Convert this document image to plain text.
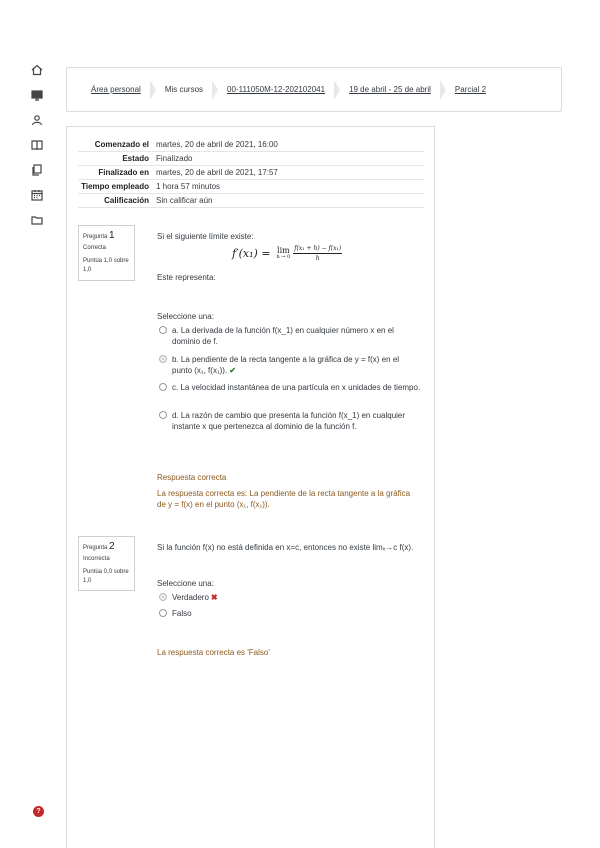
Área personal	Mis cursos	00-111050M-12-202102041	19 de abril - 25 de abril	Parcial 2
Comenzado el	martes, 20 de abril de 2021, 16:00
Estado	Finalizado
Finalizado en	martes, 20 de abril de 2021, 17:57
Tiempo empleado	1 hora 57 minutos
Calificación	Sin calificar aún
Pregunta 1
Correcta
Puntúa 1,0 sobre 1,0
Si el siguiente límite existe:
f′(x₁) = lim
$h \to 0 \frac{\text{f(x₁ + h) − f(x₁)}}{h}$
Este representa:
Seleccione una:
a. La derivada de la función f(x_1) en cualquier número x en el dominio de f.
b. La pendiente de la recta tangente a la gráfica de y = f(x) en el punto (x₁, f(x₁)). ✔
c. La velocidad instantánea de una partícula en x unidades de tiempo.
d. La razón de cambio que presenta la función f(x_1) en cualquier instante x que pertenezca al dominio de la función f.
Respuesta correcta
La respuesta correcta es: La pendiente de la recta tangente a la gráfica de y = f(x) en el punto (x₁, f(x₁)).
Pregunta 2
Incorrecta
Puntúa 0,0 sobre 1,0
Si la función f(x) no está definida en x=c, entonces no existe limₓ→c f(x).
Seleccione una:
Verdadero ✖
Falso
La respuesta correcta es 'Falso'
?
